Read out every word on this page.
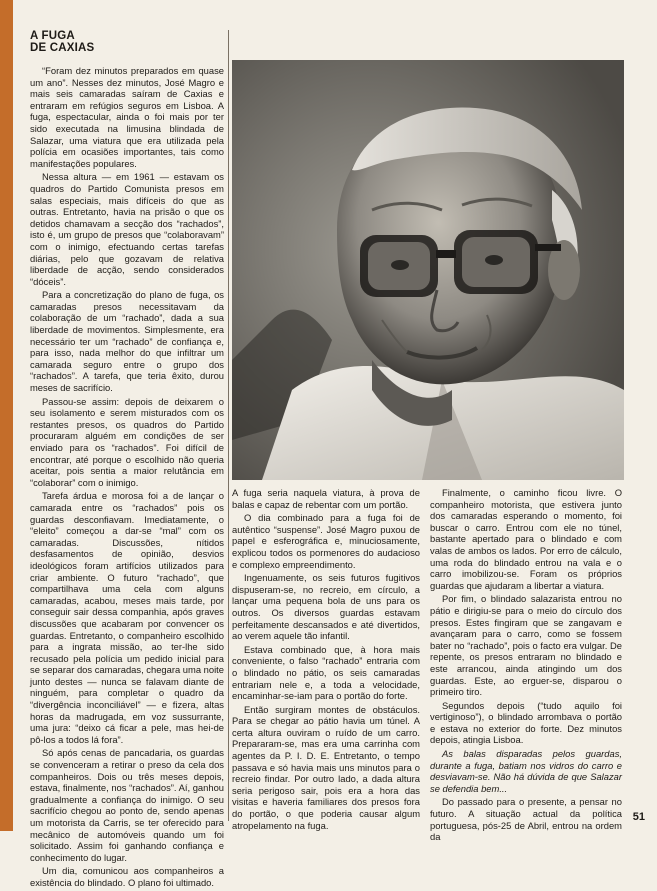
A FUGA
DE CAXIAS

“Foram dez minutos preparados em quase um ano”. Nesses dez minutos, José Magro e mais seis camaradas saíram de Caxias e entraram em refúgios seguros em Lisboa. A fuga, espectacular, ainda o foi mais por ter sido executada na limusina blindada de Salazar, uma viatura que era utilizada pela polícia em ocasiões importantes, tais como manifestações populares.

Nessa altura — em 1961 — estavam os quadros do Partido Comunista presos em salas especiais, mais difíceis do que as outras. Entretanto, havia na prisão o que os detidos chamavam a secção dos “rachados”, isto é, um grupo de presos que “colaboravam” com o inimigo, efectuando certas tarefas diárias, pelo que gozavam de relativa liberdade de acção, sendo considerados “dóceis”.

Para a concretização do plano de fuga, os camaradas presos necessitavam da colaboração de um “rachado”, dada a sua liberdade de movimentos. Simplesmente, era necessário ter um “rachado” de confiança e, para isso, nada melhor do que infiltrar um camarada seguro entre o grupo dos “rachados”. A tarefa, que teria êxito, durou meses de sacrifício.

Passou-se assim: depois de deixarem o seu isolamento e serem misturados com os restantes presos, os quadros do Partido procuraram alguém em condições de ser enviado para os “rachados”. Foi difícil de encontrar, até porque o escolhido não queria aceitar, pois sentia a maior relutância em “colaborar” com o inimigo.

Tarefa árdua e morosa foi a de lançar o camarada entre os “rachados” pois os guardas desconfiavam. Imediatamente, o “eleito” começou a dar-se “mal” com os camaradas. Discussões, nítidos desfasamentos de opinião, desvios ideológicos foram artifícios utilizados para criar ambiente. O futuro “rachado”, que compartilhava uma cela com alguns camaradas, acabou, meses mais tarde, por conseguir sair dessa companhia, após graves discussões que acabaram por convencer os guardas. Entretanto, o companheiro escolhido para a ingrata missão, ao ter-lhe sido recusado pela polícia um pedido inicial para se separar dos camaradas, chegara uma noite junto destes — nunca se falavam diante de ninguém, para completar o quadro da “divergência inconciliável” — e fizera, altas horas da madrugada, em voz sussurrante, uma jura: “deixo cá ficar a pele, mas hei-de pô-los a todos lá fora”.

Só após cenas de pancadaria, os guardas se convenceram a retirar o preso da cela dos companheiros. Dois ou três meses depois, estava, finalmente, nos “rachados”. Aí, ganhou gradualmente a confiança do inimigo. O seu sacrifício chegou ao ponto de, sendo apenas um motorista da Carris, se ter oferecido para mecânico de automóveis quando um foi solicitado. Assim foi ganhando confiança e conhecimento do lugar.

Um dia, comunicou aos companheiros a existência do blindado. O plano foi ultimado.

A fuga seria naquela viatura, à prova de balas e capaz de rebentar com um portão.

O dia combinado para a fuga foi de autêntico “suspense”. José Magro puxou de papel e esferográfica e, minuciosamente, explicou todos os pormenores do audacioso e complexo empreendimento.

Ingenuamente, os seis futuros fugitivos dispuseram-se, no recreio, em círculo, a lançar uma pequena bola de uns para os outros. Os diversos guardas estavam perfeitamente descansados e até divertidos, ao verem aquele tão infantil.

Estava combinado que, à hora mais conveniente, o falso “rachado” entraria com o blindado no pátio, os seis camaradas entrariam nele e, a toda a velocidade, encaminhar-se-iam para o portão do forte.

Então surgiram montes de obstáculos. Para se chegar ao pátio havia um túnel. A certa altura ouviram o ruído de um carro. Prepararam-se, mas era uma carrinha com agentes da P. I. D. E. Entretanto, o tempo passava e só havia mais uns minutos para o recreio findar. Por outro lado, a dada altura seria perigoso sair, pois era a hora das visitas e haveria familiares dos presos fora do portão, o que poderia causar algum atropelamento na fuga.

Finalmente, o caminho ficou livre. O companheiro motorista, que estivera junto dos camaradas esperando o momento, foi buscar o carro. Entrou com ele no túnel, bastante apertado para o blindado e com valas de ambos os lados. Por erro de cálculo, uma roda do blindado entrou na vala e o carro imobilizou-se. Foram os próprios guardas que ajudaram a libertar a viatura.

Por fim, o blindado salazarista entrou no pátio e dirigiu-se para o meio do círculo dos presos. Estes fingiram que se zangavam e avançaram para o carro, como se fossem bater no “rachado”, pois o facto era vulgar. De repente, os presos entraram no blindado e este arrancou, ainda atingindo um dos guardas. Este, ao erguer-se, disparou o primeiro tiro.

Segundos depois (“tudo aquilo foi vertiginoso”), o blindado arrombava o portão e estava no exterior do forte. Dez minutos depois, atingia Lisboa.

As balas disparadas pelos guardas, durante a fuga, batiam nos vidros do carro e desviavam-se. Não há dúvida de que Salazar se defendia bem...

Do passado para o presente, a pensar no futuro. A situação actual da política portuguesa, pós-25 de Abril, entrou na ordem da

51
